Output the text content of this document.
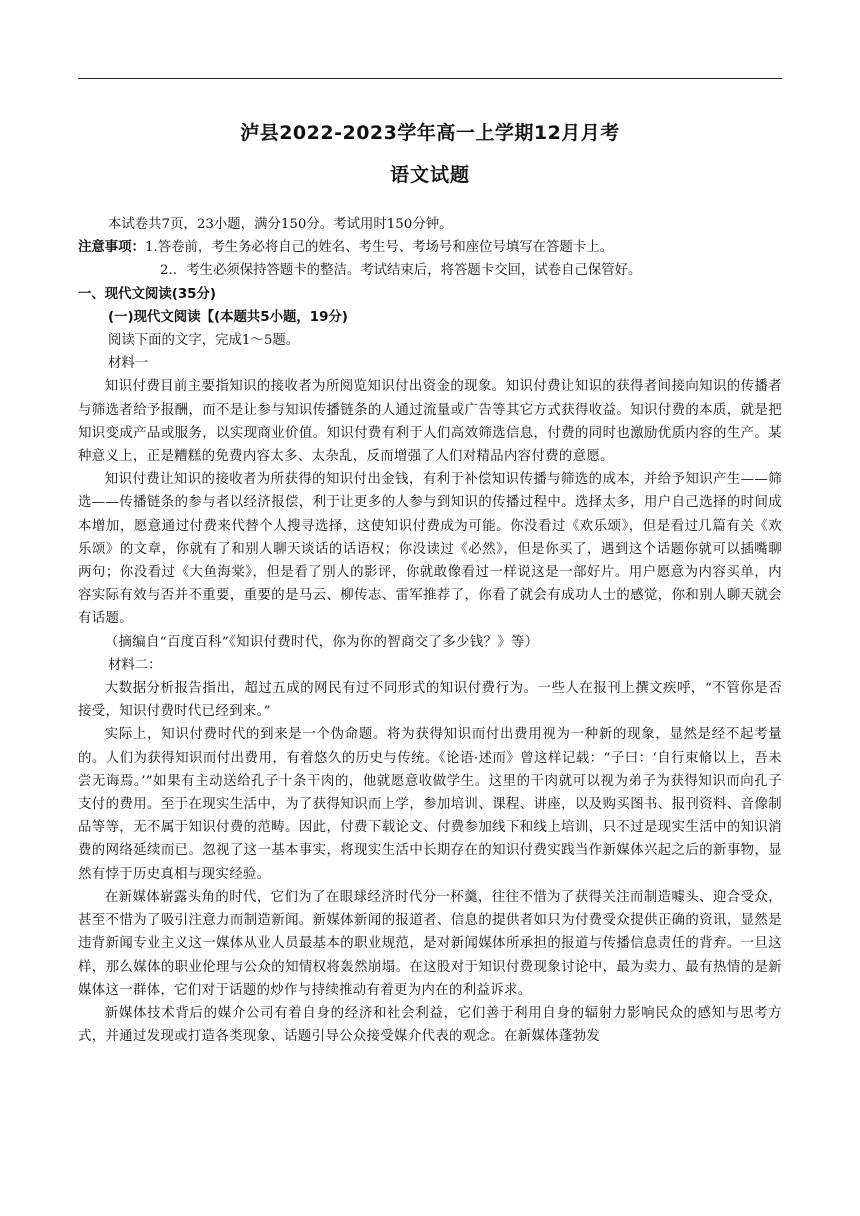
泸县2022-2023学年高一上学期12月月考
语文试题
本试卷共7页，23小题，满分150分。考试用时150分钟。
注意事项：1.答卷前，考生务必将自己的姓名、考生号、考场号和座位号填写在答题卡上。
2.．考生必须保持答题卡的整洁。考试结束后，将答题卡交回，试卷自己保管好。
一、现代文阅读(35分)
(一)现代文阅读【(本题共5小题，19分)
阅读下面的文字，完成1～5题。
材料一

知识付费目前主要指知识的接收者为所阅览知识付出资金的现象。知识付费让知识的获得者间接向知识的传播者与筛选者给予报酬，而不是让参与知识传播链条的人通过流量或广告等其它方式获得收益。知识付费的本质，就是把知识变成产品或服务，以实现商业价值。知识付费有利于人们高效筛选信息，付费的同时也激励优质内容的生产。某种意义上，正是糟糕的免费内容太多、太杂乱，反而增强了人们对精品内容付费的意愿。

知识付费让知识的接收者为所获得的知识付出金钱，有利于补偿知识传播与筛选的成本，并给予知识产生——筛选——传播链条的参与者以经济报偿，利于让更多的人参与到知识的传播过程中。选择太多，用户自己选择的时间成本增加，愿意通过付费来代替个人搜寻选择，这使知识付费成为可能。你没看过《欢乐颂》，但是看过几篇有关《欢乐颂》的文章，你就有了和别人聊天谈话的话语权；你没读过《必然》，但是你买了，遇到这个话题你就可以插嘴聊两句；你没看过《大鱼海棠》，但是看了别人的影评，你就敢像看过一样说这是一部好片。用户愿意为内容买单，内容实际有效与否并不重要，重要的是马云、柳传志、雷军推荐了，你看了就会有成功人士的感觉，你和别人聊天就会有话题。

（摘编自“百度百科”《知识付费时代，你为你的智商交了多少钱？》等）

材料二：

大数据分析报告指出，超过五成的网民有过不同形式的知识付费行为。一些人在报刊上撰文疾呼，“不管你是否接受，知识付费时代已经到来。”

实际上，知识付费时代的到来是一个伪命题。将为获得知识而付出费用视为一种新的现象，显然是经不起考量的。人们为获得知识而付出费用，有着悠久的历史与传统。《论语·述而》曾这样记载：“子曰：‘自行束脩以上，吾未尝无诲焉。’”如果有主动送给孔子十条干肉的，他就愿意收做学生。这里的干肉就可以视为弟子为获得知识而向孔子支付的费用。至于在现实生活中，为了获得知识而上学，参加培训、课程、讲座，以及购买图书、报刊资料、音像制品等等，无不属于知识付费的范畴。因此，付费下载论文、付费参加线下和线上培训，只不过是现实生活中的知识消费的网络延续而已。忽视了这一基本事实，将现实生活中长期存在的知识付费实践当作新媒体兴起之后的新事物，显然有悖于历史真相与现实经验。

在新媒体崭露头角的时代，它们为了在眼球经济时代分一杯羹，往往不惜为了获得关注而制造噱头、迎合受众，甚至不惜为了吸引注意力而制造新闻。新媒体新闻的报道者、信息的提供者如只为付费受众提供正确的资讯，显然是违背新闻专业主义这一媒体从业人员最基本的职业规范，是对新闻媒体所承担的报道与传播信息责任的背弃。一旦这样，那么媒体的职业伦理与公众的知情权将轰然崩塌。在这股对于知识付费现象讨论中，最为卖力、最有热情的是新媒体这一群体，它们对于话题的炒作与持续推动有着更为内在的利益诉求。

新媒体技术背后的媒介公司有着自身的经济和社会利益，它们善于利用自身的辐射力影响民众的感知与思考方式，并通过发现或打造各类现象、话题引导公众接受媒介代表的观念。在新媒体蓬勃发
